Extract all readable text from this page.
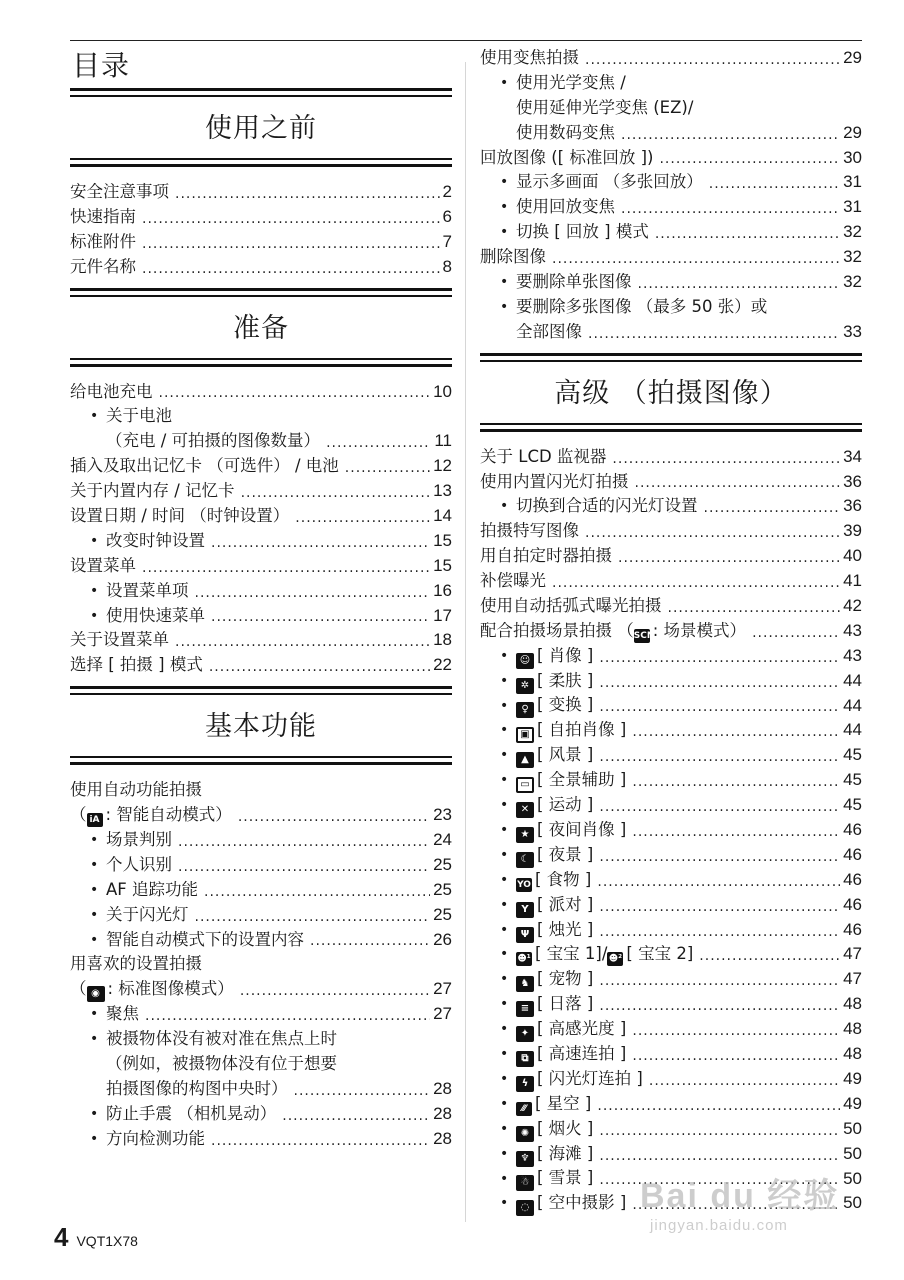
目录
使用之前
安全注意事项 .....	2
快速指南 .....	6
标准附件 .....	7
元件名称 .....	8
准备
给电池充电 .....	10
• 关于电池
（充电 / 可拍摄的图像数量） .....	11
插入及取出记忆卡 （可选件） / 电池 .....	12
关于内置内存 / 记忆卡 .....	13
设置日期 / 时间 （时钟设置） .....	14
• 改变时钟设置 .....	15
设置菜单 .....	15
• 设置菜单项 .....	16
• 使用快速菜单 .....	17
关于设置菜单 .....	18
选择 [ 拍摄 ] 模式 .....	22
基本功能
使用自动功能拍摄
（ iA : 智能自动模式） .....	23
• 场景判别 .....	24
• 个人识别 .....	25
• AF 追踪功能 .....	25
• 关于闪光灯 .....	25
• 智能自动模式下的设置内容 .....	26
用喜欢的设置拍摄
（ ◉ : 标准图像模式） .....	27
• 聚焦 .....	27
• 被摄物体没有被对准在焦点上时
（例如，被摄物体没有位于想要
拍摄图像的构图中央时） .....	28
• 防止手震 （相机晃动） .....	28
• 方向检测功能 .....	28
使用变焦拍摄 .....	29
• 使用光学变焦 /
使用延伸光学变焦 (EZ)/
使用数码变焦 .....	29
回放图像 ([ 标准回放 ]) .....	30
• 显示多画面 （多张回放） .....	31
• 使用回放变焦 .....	31
• 切换 [ 回放 ] 模式 .....	32
删除图像 .....	32
• 要删除单张图像 .....	32
• 要删除多张图像 （最多 50 张）或
全部图像 .....	33
高级 （拍摄图像）
关于 LCD 监视器 .....	34
使用内置闪光灯拍摄 .....	36
• 切换到合适的闪光灯设置 .....	36
拍摄特写图像 .....	39
用自拍定时器拍摄 .....	40
补偿曝光 .....	41
使用自动括弧式曝光拍摄 .....	42
配合拍摄场景拍摄 （SCN: 场景模式） .....	43
•	☺ [ 肖像 ] .....	43
•	✲ [ 柔肤 ] .....	44
•	♀ [ 变换 ] .....	44
•	▣ [ 自拍肖像 ] .....	44
•	▲ [ 风景 ] .....	45
•	▭ [ 全景辅助 ] .....	45
•	✕ [ 运动 ] .....	45
•	★ [ 夜间肖像 ] .....	46
•	☾ [ 夜景 ] .....	46
• YO [ 食物 ] .....	46
•	Y [ 派对 ] .....	46
•	Ψ [ 烛光 ] .....	46
•	☻¹ [ 宝宝 1]/☻² [ 宝宝 2] .....	47
•	♞ [ 宠物 ] .....	47
•	≡ [ 日落 ] .....	48
•	✦ [ 高感光度 ] .....	48
•	⧉ [ 高速连拍 ] .....	48
•	ϟ [ 闪光灯连拍 ] .....	49
•	⁄⁄⁄ [ 星空 ] .....	49
•	✺ [ 烟火 ] .....	50
•	♆ [ 海滩 ] .....	50
•	☃ [ 雪景 ] .....	50
•	◌ [ 空中摄影 ] .....	50
4 VQT1X78
Bai du 经验
jingyan.baidu.com
